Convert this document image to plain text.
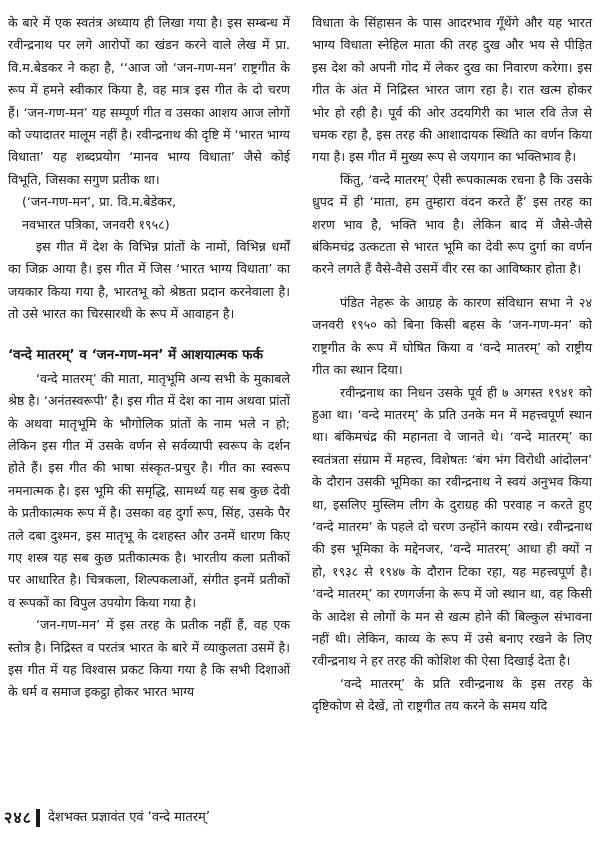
के बारे में एक स्वतंत्र अध्याय ही लिखा गया है। इस सम्बन्ध में रवीन्द्रनाथ पर लगे आरोपों का खंडन करने वाले लेख में प्रा. वि.म.बेडकर ने कहा है, ‘‘आज जो ‘जन-गण-मन’ राष्ट्रगीत के रूप में हमने स्वीकार किया है, वह मात्र इस गीत के दो चरण हैं। ‘जन-गण-मन’ यह सम्पूर्ण गीत व उसका आशय आज लोगों को ज्यादातर मालूम नहीं है। रवीन्द्रनाथ की दृष्टि में ‘भारत भाग्य विधाता’ यह शब्दप्रयोग ‘मानव भाग्य विधाता’ जैसे कोई विभूति, जिसका सगुण प्रतीक था।

(‘जन-गण-मन’, प्रा. वि.म.बेडेकर,

नवभारत पत्रिका, जनवरी १९५८)

इस गीत में देश के विभिन्न प्रांतों के नामों, विभिन्न धर्मों का जिक्र आया है। इस गीत में जिस ‘भारत भाग्य विधाता’ का जयकार किया गया है, भारतभू को श्रेष्ठता प्रदान करनेवाला है। तो उसे भारत का चिरसारथी के रूप में आवाहन है।

‘वन्दे मातरम्’ व ‘जन-गण-मन’ में आशयात्मक फर्क

‘वन्दे मातरम्’ की माता, मातृभूमि अन्य सभी के मुकाबले श्रेष्ठ है। ‘अनंतस्वरूपी’ है। इस गीत में देश का नाम अथवा प्रांतों के अथवा मातृभूमि के भौगोलिक प्रांतों के नाम भले न हो; लेकिन इस गीत में उसके वर्णन से सर्वव्यापी स्वरूप के दर्शन होते हैं। इस गीत की भाषा संस्कृत-प्रचुर है। गीत का स्वरूप नमनात्मक है। इस भूमि की समृद्धि, सामर्थ्य यह सब कुछ देवी के प्रतीकात्मक रूप में है। उसका वह दुर्गा रूप, सिंह, उसके पैर तले दबा दुश्मन, इस मातृभू के दशहस्त और उनमें धारण किए गए शस्त्र यह सब कुछ प्रतीकात्मक है। भारतीय कला प्रतीकों पर आधारित है। चित्रकला, शिल्पकलाओं, संगीत इनमें प्रतीकों व रूपकों का विपुल उपयोग किया गया है।

‘जन-गण-मन’ में इस तरह के प्रतीक नहीं हैं, वह एक स्तोत्र है। निद्रिस्त व परतंत्र भारत के बारे में व्याकुलता उसमें है। इस गीत में यह विश्वास प्रकट किया गया है कि सभी दिशाओं के धर्म व समाज इकट्ठा होकर भारत भाग्य

विधाता के सिंहासन के पास आदरभाव गूँथेंगे और यह भारत भाग्य विधाता स्नेहिल माता की तरह दुख और भय से पीड़ित इस देश को अपनी गोद में लेकर दुख का निवारण करेगा। इस गीत के अंत में निद्रिस्त भारत जाग रहा है। रात खत्म होकर भोर हो रही है। पूर्व की ओर उदयगिरी का भाल रवि तेज से चमक रहा है, इस तरह की आशादायक स्थिति का वर्णन किया गया है। इस गीत में मुख्य रूप से जयगान का भक्तिभाव है।

किंतु, ‘वन्दे मातरम्’ ऐसी रूपकात्मक रचना है कि उसके ध्रुपद में ही ‘माता, हम तुम्हारा वंदन करते हैं’ इस तरह का शरण भाव है, भक्ति भाव है। लेकिन बाद में जैसे-जैसे बंकिमचंद्र उत्कटता से भारत भूमि का देवी रूप दुर्गा का वर्णन करने लगते हैं वैसे-वैसे उसमें वीर रस का आविष्कार होता है।

पंडित नेहरू के आग्रह के कारण संविधान सभा ने २४ जनवरी १९५० को बिना किसी बहस के ‘जन-गण-मन’ को राष्ट्रगीत के रूप में घोषित किया व ‘वन्दे मातरम्’ को राष्ट्रीय गीत का स्थान दिया।

रवीन्द्रनाथ का निधन उसके पूर्व ही ७ अगस्त १९४१ को हुआ था। ‘वन्दे मातरम्’ के प्रति उनके मन में महत्त्वपूर्ण स्थान था। बंकिमचंद्र की महानता वे जानते थे। ‘वन्दे मातरम्’ का स्वतंत्रता संग्राम में महत्त्व, विशेषतः ‘बंग भंग विरोधी आंदोलन’ के दौरान उसकी भूमिका का रवीन्द्रनाथ ने स्वयं अनुभव किया था, इसलिए मुस्लिम लीग के दुराग्रह की परवाह न करते हुए ‘वन्दे मातरम’ के पहले दो चरण उन्होंने कायम रखे। रवीन्द्रनाथ की इस भूमिका के मद्देनजर, ‘वन्दे मातरम्’ आधा ही क्यों न हो, १९३८ से १९४७ के दौरान टिका रहा, यह महत्त्वपूर्ण है। ‘वन्दे मातरम्’ का रणगर्जना के रूप में जो स्थान था, वह किसी के आदेश से लोगों के मन से खत्म होने की बिल्कुल संभावना नहीं थी। लेकिन, काव्य के रूप में उसे बनाए रखने के लिए रवीन्द्रनाथ ने हर तरह की कोशिश की ऐसा दिखाई देता है।

‘वन्दे मातरम्’ के प्रति रवीन्द्रनाथ के इस तरह के दृष्टिकोण से देखें, तो राष्ट्रगीत तय करने के समय यदि

२४८ देशभक्त प्रज्ञावंत एवं ‘वन्दे मातरम्’
